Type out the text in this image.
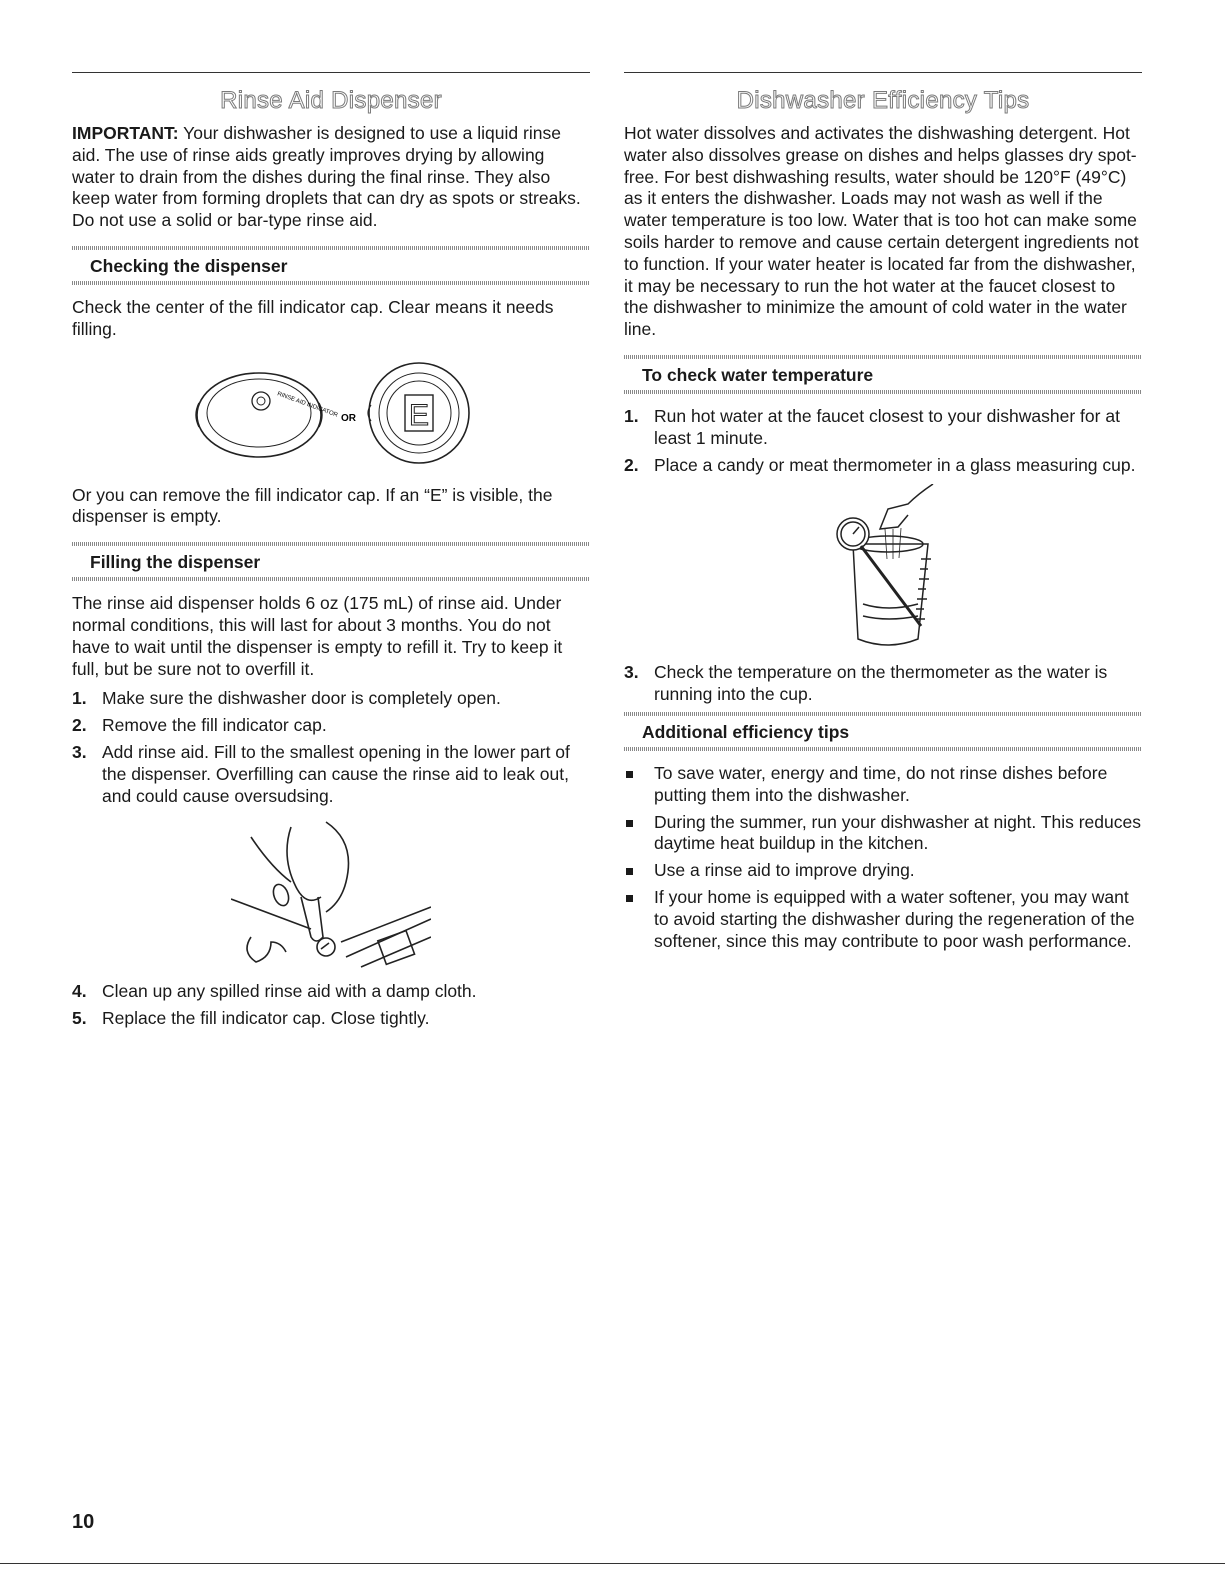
Rinse Aid Dispenser

IMPORTANT: Your dishwasher is designed to use a liquid rinse aid. The use of rinse aids greatly improves drying by allowing water to drain from the dishes during the final rinse. They also keep water from forming droplets that can dry as spots or streaks. Do not use a solid or bar-type rinse aid.

Checking the dispenser

Check the center of the fill indicator cap. Clear means it needs filling.

RINSE AID INDICATOR OR E

Or you can remove the fill indicator cap. If an “E” is visible, the dispenser is empty.

Filling the dispenser

The rinse aid dispenser holds 6 oz (175 mL) of rinse aid. Under normal conditions, this will last for about 3 months. You do not have to wait until the dispenser is empty to refill it. Try to keep it full, but be sure not to overfill it.

1. Make sure the dishwasher door is completely open.
2. Remove the fill indicator cap.
3. Add rinse aid. Fill to the smallest opening in the lower part of the dispenser. Overfilling can cause the rinse aid to leak out, and could cause oversudsing.
4. Clean up any spilled rinse aid with a damp cloth.
5. Replace the fill indicator cap. Close tightly.
Dishwasher Efficiency Tips

Hot water dissolves and activates the dishwashing detergent. Hot water also dissolves grease on dishes and helps glasses dry spot-free. For best dishwashing results, water should be 120°F (49°C) as it enters the dishwasher. Loads may not wash as well if the water temperature is too low. Water that is too hot can make some soils harder to remove and cause certain detergent ingredients not to function. If your water heater is located far from the dishwasher, it may be necessary to run the hot water at the faucet closest to the dishwasher to minimize the amount of cold water in the water line.

To check water temperature
1. Run hot water at the faucet closest to your dishwasher for at least 1 minute.
2. Place a candy or meat thermometer in a glass measuring cup.
3. Check the temperature on the thermometer as the water is running into the cup.
Additional efficiency tips
To save water, energy and time, do not rinse dishes before putting them into the dishwasher.
During the summer, run your dishwasher at night. This reduces daytime heat buildup in the kitchen.
Use a rinse aid to improve drying.
If your home is equipped with a water softener, you may want to avoid starting the dishwasher during the regeneration of the softener, since this may contribute to poor wash performance.
10
